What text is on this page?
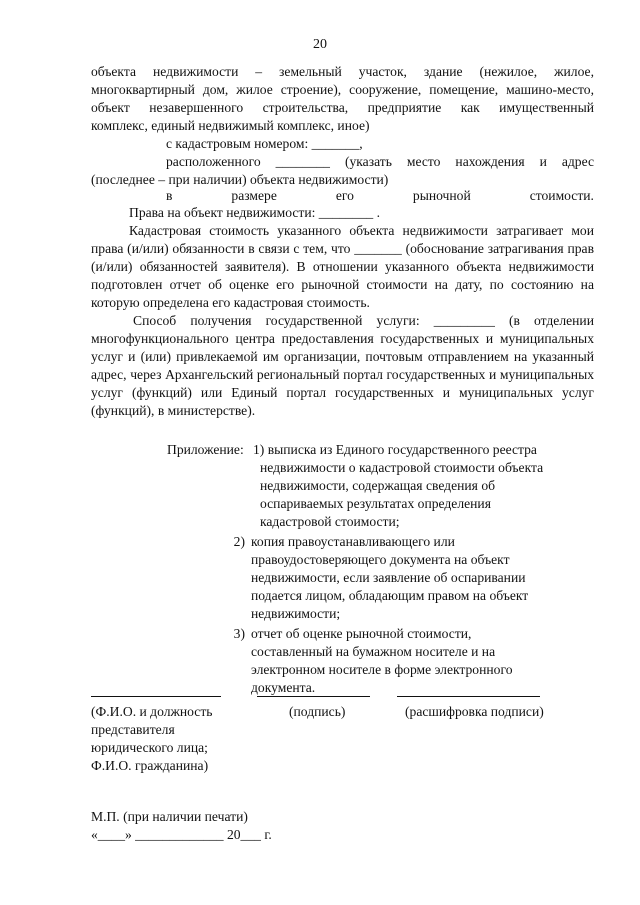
20
объекта недвижимости – земельный участок, здание (нежилое, жилое,
многоквартирный дом, жилое строение), сооружение, помещение, машино-место,
объект незавершенного строительства, предприятие как имущественный
комплекс, единый недвижимый комплекс, иное)
с кадастровым номером: _______,
расположенного ________ (указать место нахождения и адрес
(последнее – при наличии) объекта недвижимости)
в	размере	его	рыночной	стоимости.
Права на объект недвижимости: ________ .
Кадастровая стоимость указанного объекта недвижимости затрагивает мои права (и/или) обязанности в связи с тем, что _______ (обоснование затрагивания прав (и/или) обязанностей заявителя). В отношении указанного объекта недвижимости подготовлен отчет об оценке его рыночной стоимости на дату, по состоянию на которую определена его кадастровая стоимость.
Способ получения государственной услуги: _________ (в отделении многофункционального центра предоставления государственных и муниципальных услуг и (или) привлекаемой им организации, почтовым отправлением на указанный адрес, через Архангельский региональный портал государственных и муниципальных услуг (функций) или Единый портал государственных и муниципальных услуг (функций), в министерстве).
Приложение: 1) выписка из Единого государственного реестра
недвижимости о кадастровой стоимости объекта
недвижимости, содержащая сведения об
оспариваемых результатах определения
кадастровой стоимости;
2) копия правоустанавливающего или
правоудостоверяющего документа на объект
недвижимости, если заявление об оспаривании
подается лицом, обладающим правом на объект
недвижимости;
3) отчет об оценке рыночной стоимости,
составленный на бумажном носителе и на
электронном носителе в форме электронного
документа.
(Ф.И.О. и должность
представителя
юридического лица;
Ф.И.О. гражданина)
(подпись)	(расшифровка подписи)
М.П. (при наличии печати)
«____» _____________ 20___ г.
